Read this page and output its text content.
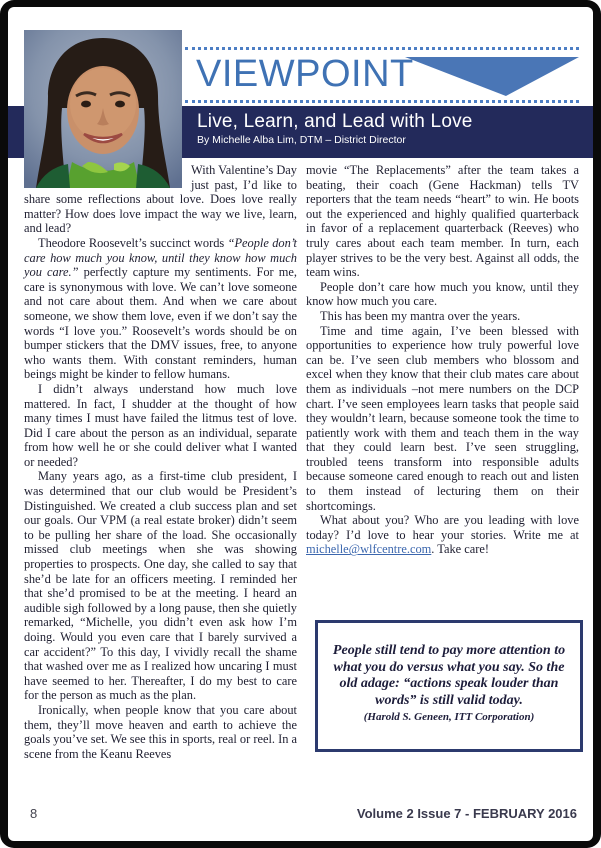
VIEWPOINT
Live, Learn, and Lead with Love
By Michelle Alba Lim, DTM – District Director

With Valentine’s Day just past, I’d like to share some reflections about love. Does love really matter? How does love impact the way we live, learn, and lead?

Theodore Roosevelt’s succinct words “People don’t care how much you know, until they know how much you care.” perfectly capture my sentiments. For me, care is synonymous with love. We can’t love someone and not care about them. And when we care about someone, we show them love, even if we don’t say the words “I love you.” Roosevelt’s words should be on bumper stickers that the DMV issues, free, to anyone who wants them. With constant reminders, human beings might be kinder to fellow humans.

I didn’t always understand how much love mattered. In fact, I shudder at the thought of how many times I must have failed the litmus test of love. Did I care about the person as an individual, separate from how well he or she could deliver what I wanted or needed?

Many years ago, as a first-time club president, I was determined that our club would be President’s Distinguished. We created a club success plan and set our goals. Our VPM (a real estate broker) didn’t seem to be pulling her share of the load. She occasionally missed club meetings when she was showing properties to prospects. One day, she called to say that she’d be late for an officers meeting. I reminded her that she’d promised to be at the meeting. I heard an audible sigh followed by a long pause, then she quietly remarked, “Michelle, you didn’t even ask how I’m doing. Would you even care that I barely survived a car accident?” To this day, I vividly recall the shame that washed over me as I realized how uncaring I must have seemed to her. Thereafter, I do my best to care for the person as much as the plan.

Ironically, when people know that you care about them, they’ll move heaven and earth to achieve the goals you’ve set. We see this in sports, real or reel. In a scene from the Keanu Reeves

movie “The Replacements” after the team takes a beating, their coach (Gene Hackman) tells TV reporters that the team needs “heart” to win. He boots out the experienced and highly qualified quarterback in favor of a replacement quarterback (Reeves) who truly cares about each team member. In turn, each player strives to be the very best. Against all odds, the team wins.

People don’t care how much you know, until they know how much you care.

This has been my mantra over the years.

Time and time again, I’ve been blessed with opportunities to experience how truly powerful love can be. I’ve seen club members who blossom and excel when they know that their club mates care about them as individuals –not mere numbers on the DCP chart. I’ve seen employees learn tasks that people said they wouldn’t learn, because someone took the time to patiently work with them and teach them in the way that they could learn best. I’ve seen struggling, troubled teens transform into responsible adults because someone cared enough to reach out and listen to them instead of lecturing them on their shortcomings.

What about you? Who are you leading with love today? I’d love to hear your stories. Write me at michelle@wlfcentre.com. Take care!

People still tend to pay more attention to what you do versus what you say. So the old adage: “actions speak louder than words” is still valid today.
(Harold S. Geneen, ITT Corporation)
8	Volume 2 Issue 7 - FEBRUARY 2016
